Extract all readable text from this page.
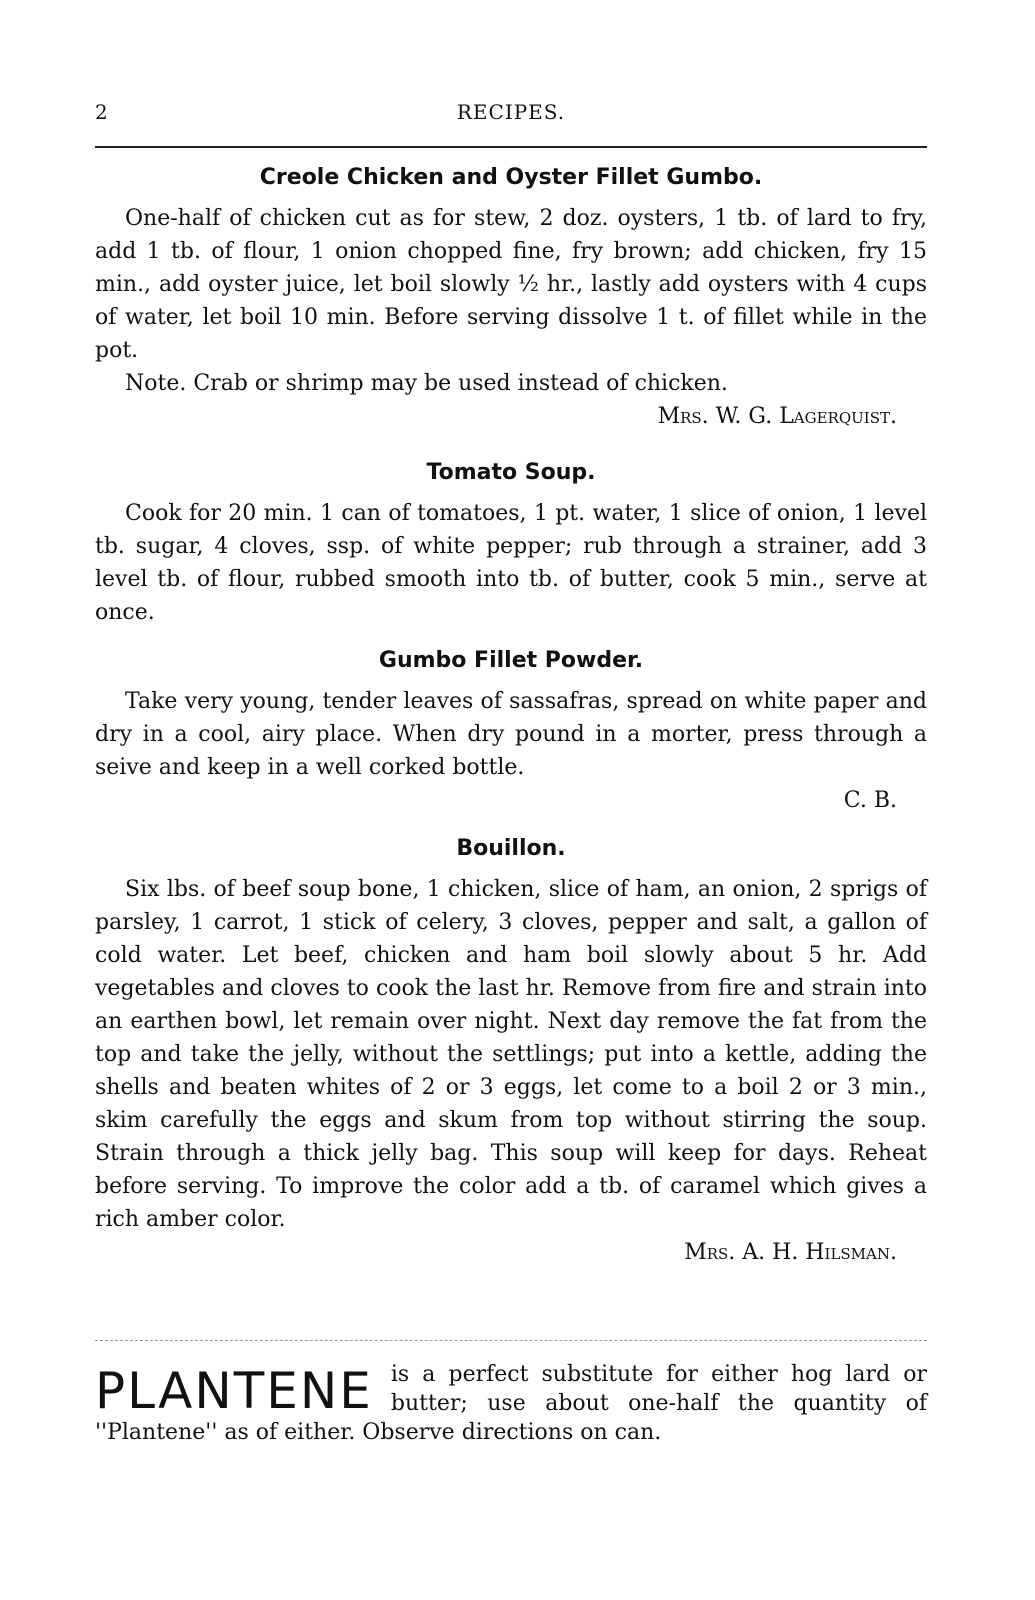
2	RECIPES.
Creole Chicken and Oyster Fillet Gumbo.

One-half of chicken cut as for stew, 2 doz. oysters, 1 tb. of lard to fry, add 1 tb. of flour, 1 onion chopped fine, fry brown; add chicken, fry 15 min., add oyster juice, let boil slowly ½ hr., lastly add oysters with 4 cups of water, let boil 10 min. Before serving dissolve 1 t. of fillet while in the pot.

Note. Crab or shrimp may be used instead of chicken.

Mrs. W. G. Lagerquist.
Tomato Soup.

Cook for 20 min. 1 can of tomatoes, 1 pt. water, 1 slice of onion, 1 level tb. sugar, 4 cloves, ssp. of white pepper; rub through a strainer, add 3 level tb. of flour, rubbed smooth into tb. of butter, cook 5 min., serve at once.

Gumbo Fillet Powder.

Take very young, tender leaves of sassafras, spread on white paper and dry in a cool, airy place. When dry pound in a morter, press through a seive and keep in a well corked bottle.

C. B.
Bouillon.

Six lbs. of beef soup bone, 1 chicken, slice of ham, an onion, 2 sprigs of parsley, 1 carrot, 1 stick of celery, 3 cloves, pepper and salt, a gallon of cold water. Let beef, chicken and ham boil slowly about 5 hr. Add vegetables and cloves to cook the last hr. Remove from fire and strain into an earthen bowl, let remain over night. Next day remove the fat from the top and take the jelly, without the settlings; put into a kettle, adding the shells and beaten whites of 2 or 3 eggs, let come to a boil 2 or 3 min., skim carefully the eggs and skum from top without stirring the soup. Strain through a thick jelly bag. This soup will keep for days. Reheat before serving. To improve the color add a tb. of caramel which gives a rich amber color.

Mrs. A. H. Hilsman.
PLANTENE is a perfect substitute for either hog lard or butter; use about one-half the quantity of ''Plantene'' as of either. Observe directions on can.
